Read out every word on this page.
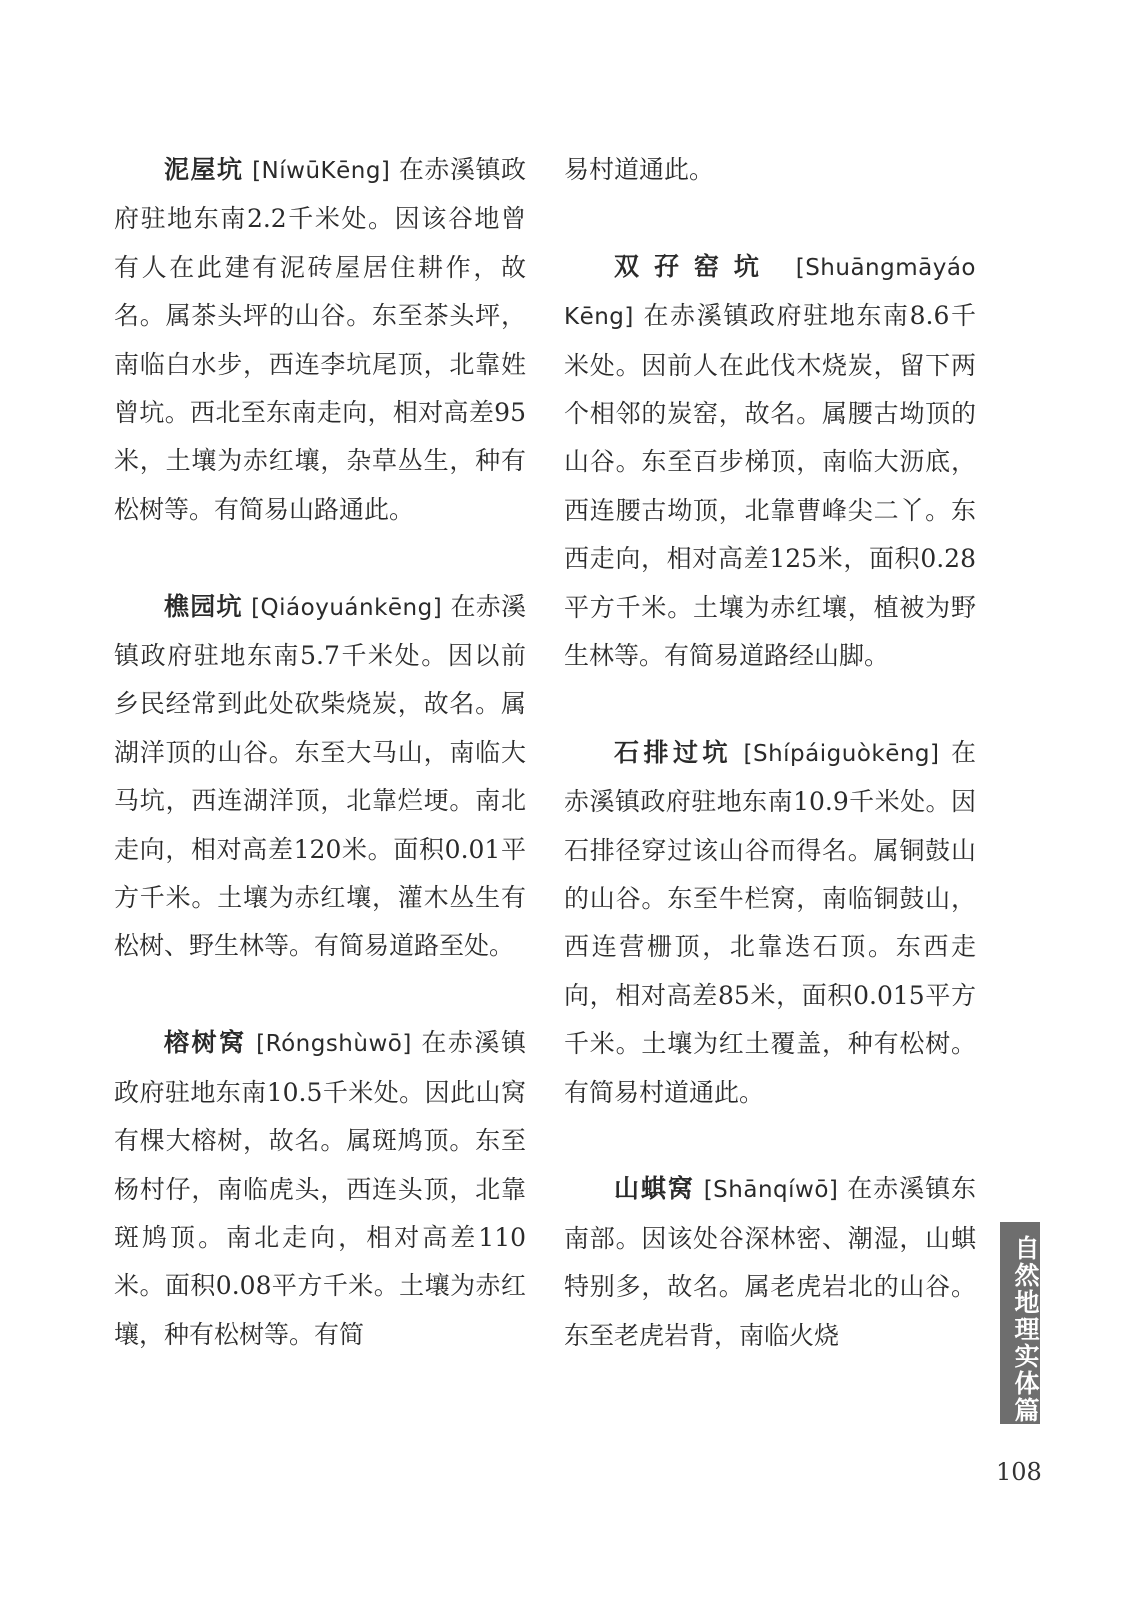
泥屋坑 [NíwūKēng] 在赤溪镇政府驻地东南2.2千米处。因该谷地曾有人在此建有泥砖屋居住耕作，故名。属茶头坪的山谷。东至茶头坪，南临白水步，西连李坑尾顶，北靠姓曾坑。西北至东南走向，相对高差95米，土壤为赤红壤，杂草丛生，种有松树等。有简易山路通此。

樵园坑 [Qiáoyuánkēng] 在赤溪镇政府驻地东南5.7千米处。因以前乡民经常到此处砍柴烧炭，故名。属湖洋顶的山谷。东至大马山，南临大马坑，西连湖洋顶，北靠烂埂。南北走向，相对高差120米。面积0.01平方千米。土壤为赤红壤，灌木丛生有松树、野生林等。有简易道路至处。

榕树窝 [Róngshùwō] 在赤溪镇政府驻地东南10.5千米处。因此山窝有棵大榕树，故名。属斑鸠顶。东至杨村仔，南临虎头，西连头顶，北靠斑鸠顶。南北走向，相对高差110米。面积0.08平方千米。土壤为赤红壤，种有松树等。有简

易村道通此。

双孖窑坑 [Shuāngmāyáo Kēng] 在赤溪镇政府驻地东南8.6千米处。因前人在此伐木烧炭，留下两个相邻的炭窑，故名。属腰古坳顶的山谷。东至百步梯顶，南临大沥底，西连腰古坳顶，北靠曹峰尖二丫。东西走向，相对高差125米，面积0.28平方千米。土壤为赤红壤，植被为野生林等。有简易道路经山脚。

石排过坑 [Shípáiguòkēng] 在赤溪镇政府驻地东南10.9千米处。因石排径穿过该山谷而得名。属铜鼓山的山谷。东至牛栏窝，南临铜鼓山，西连营栅顶，北靠迭石顶。东西走向，相对高差85米，面积0.015平方千米。土壤为红土覆盖，种有松树。有简易村道通此。

山蜞窝 [Shānqíwō] 在赤溪镇东南部。因该处谷深林密、潮湿，山蜞特别多，故名。属老虎岩北的山谷。东至老虎岩背，南临火烧	自然地理实体篇
108
